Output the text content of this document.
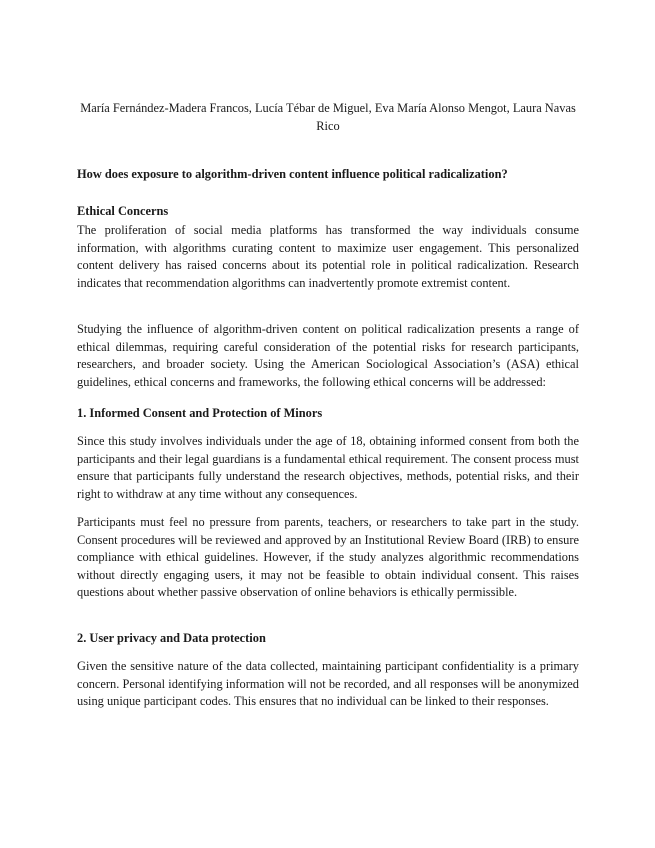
María Fernández-Madera Francos, Lucía Tébar de Miguel, Eva María Alonso Mengot, Laura Navas Rico
How does exposure to algorithm-driven content influence political radicalization?
Ethical Concerns
The proliferation of social media platforms has transformed the way individuals consume information, with algorithms curating content to maximize user engagement. This personalized content delivery has raised concerns about its potential role in political radicalization. Research indicates that recommendation algorithms can inadvertently promote extremist content.
Studying the influence of algorithm-driven content on political radicalization presents a range of ethical dilemmas, requiring careful consideration of the potential risks for research participants, researchers, and broader society. Using the American Sociological Association’s (ASA) ethical guidelines, ethical concerns and frameworks, the following ethical concerns will be addressed:
1. Informed Consent and Protection of Minors
Since this study involves individuals under the age of 18, obtaining informed consent from both the participants and their legal guardians is a fundamental ethical requirement. The consent process must ensure that participants fully understand the research objectives, methods, potential risks, and their right to withdraw at any time without any consequences.
Participants must feel no pressure from parents, teachers, or researchers to take part in the study. Consent procedures will be reviewed and approved by an Institutional Review Board (IRB) to ensure compliance with ethical guidelines. However, if the study analyzes algorithmic recommendations without directly engaging users, it may not be feasible to obtain individual consent. This raises questions about whether passive observation of online behaviors is ethically permissible.
2. User privacy and Data protection
Given the sensitive nature of the data collected, maintaining participant confidentiality is a primary concern. Personal identifying information will not be recorded, and all responses will be anonymized using unique participant codes. This ensures that no individual can be linked to their responses.
